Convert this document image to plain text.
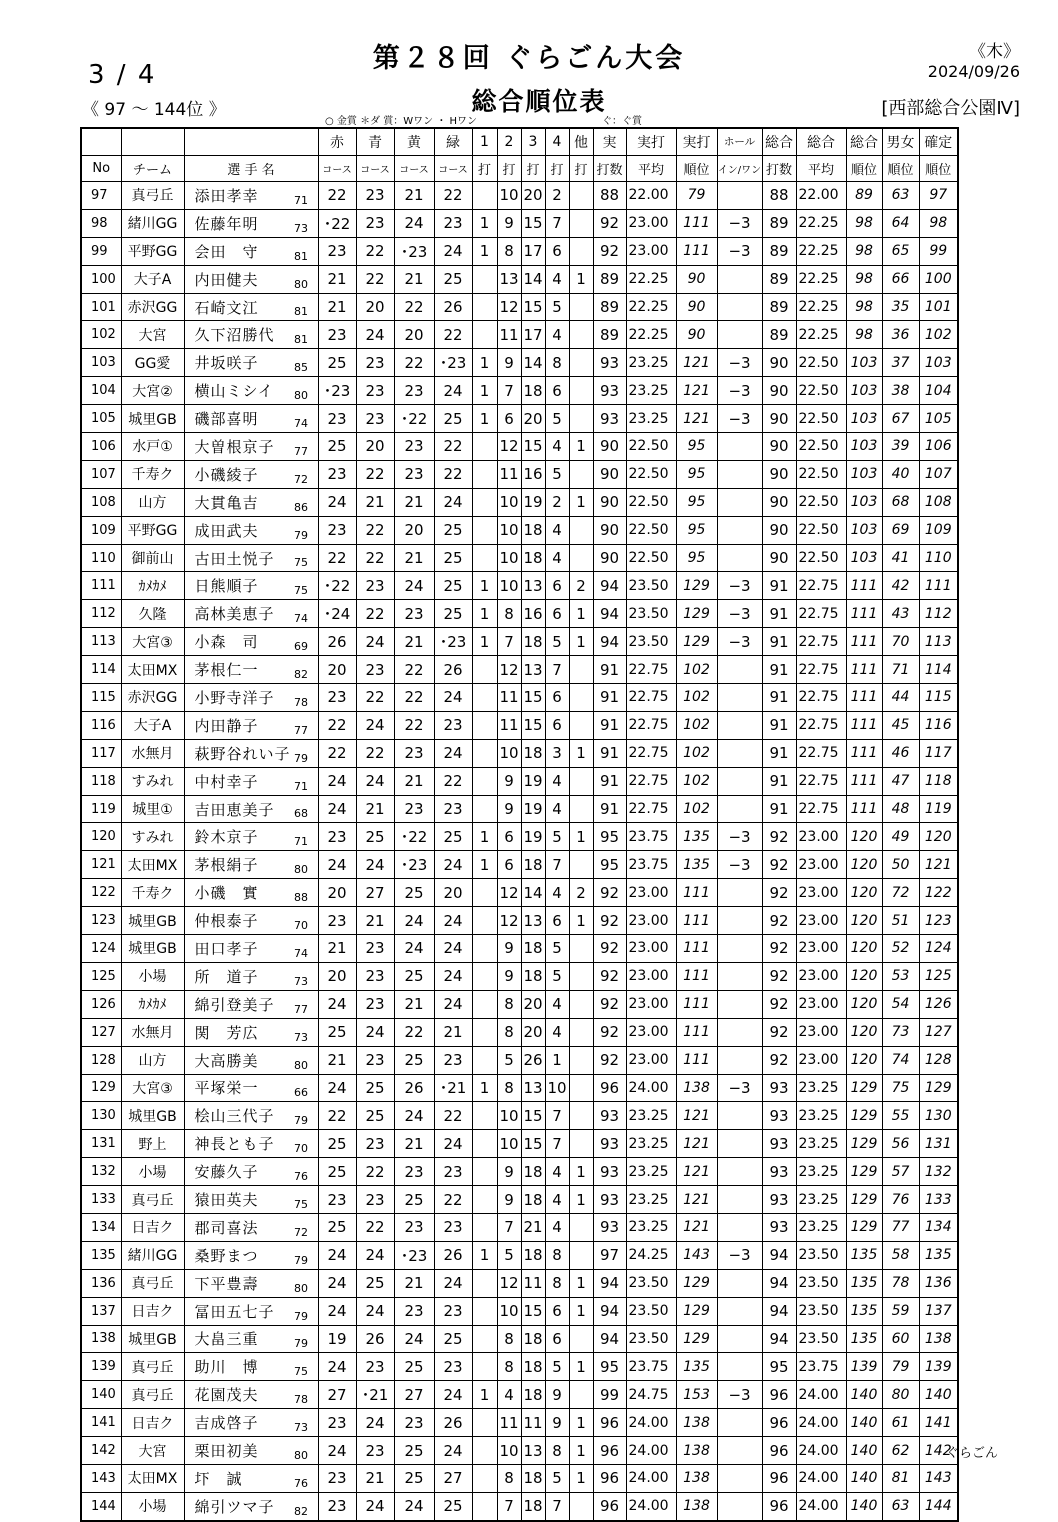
3 / 4
《 97 ～ 144位 》
第２８回 ぐらごん大会
総合順位表
《木》
2024/09/26
[西部総合公園Ⅳ]
○ 金賞 ＊ダ 賞：Wワン ・ Hワン	ぐ：ぐ賞
				赤	青	黄	緑	1	2	3	4	他	実	実打	実打	ホール	総合	総合	総合	男女	確定
No	チーム	選 手 名		コース	コース	コース	コース	打	打	打	打	打	打数	平均	順位	イン/ワン	打数	平均	順位	順位	順位
97	真弓丘	添田孝幸	71	22	23	21	22		10	20	2		88	22.00	79		88	22.00	89	63	97
98	緒川GG	佐藤年明	73	･22	23	24	23	1	9	15	7		92	23.00	111	−3	89	22.25	98	64	98
99	平野GG	会田　守	81	23	22	･23	24	1	8	17	6		92	23.00	111	−3	89	22.25	98	65	99
100	大子A	内田健夫	80	21	22	21	25		13	14	4	1	89	22.25	90		89	22.25	98	66	100
101	赤沢GG	石崎文江	81	21	20	22	26		12	15	5		89	22.25	90		89	22.25	98	35	101
102	大宮	久下沼勝代	81	23	24	20	22		11	17	4		89	22.25	90		89	22.25	98	36	102
103	GG愛	井坂咲子	85	25	23	22	･23	1	9	14	8		93	23.25	121	−3	90	22.50	103	37	103
104	大宮②	横山ミシイ	80	･23	23	23	24	1	7	18	6		93	23.25	121	−3	90	22.50	103	38	104
105	城里GB	磯部喜明	74	23	23	･22	25	1	6	20	5		93	23.25	121	−3	90	22.50	103	67	105
106	水戸①	大曽根京子	77	25	20	23	22		12	15	4	1	90	22.50	95		90	22.50	103	39	106
107	千寿ク	小磯綾子	72	23	22	23	22		11	16	5		90	22.50	95		90	22.50	103	40	107
108	山方	大貫亀吉	86	24	21	21	24		10	19	2	1	90	22.50	95		90	22.50	103	68	108
109	平野GG	成田武夫	79	23	22	20	25		10	18	4		90	22.50	95		90	22.50	103	69	109
110	御前山	古田土悦子	75	22	22	21	25		10	18	4		90	22.50	95		90	22.50	103	41	110
111	ｶﾒｶﾒ	日熊順子	75	･22	23	24	25	1	10	13	6	2	94	23.50	129	−3	91	22.75	111	42	111
112	久隆	高林美恵子	74	･24	22	23	25	1	8	16	6	1	94	23.50	129	−3	91	22.75	111	43	112
113	大宮③	小森　司	69	26	24	21	･23	1	7	18	5	1	94	23.50	129	−3	91	22.75	111	70	113
114	太田MX	茅根仁一	82	20	23	22	26		12	13	7		91	22.75	102		91	22.75	111	71	114
115	赤沢GG	小野寺洋子	78	23	22	22	24		11	15	6		91	22.75	102		91	22.75	111	44	115
116	大子A	内田静子	77	22	24	22	23		11	15	6		91	22.75	102		91	22.75	111	45	116
117	水無月	萩野谷れい子	79	22	22	23	24		10	18	3	1	91	22.75	102		91	22.75	111	46	117
118	すみれ	中村幸子	71	24	24	21	22		9	19	4		91	22.75	102		91	22.75	111	47	118
119	城里①	吉田恵美子	68	24	21	23	23		9	19	4		91	22.75	102		91	22.75	111	48	119
120	すみれ	鈴木京子	71	23	25	･22	25	1	6	19	5	1	95	23.75	135	−3	92	23.00	120	49	120
121	太田MX	茅根絹子	80	24	24	･23	24	1	6	18	7		95	23.75	135	−3	92	23.00	120	50	121
122	千寿ク	小磯　實	88	20	27	25	20		12	14	4	2	92	23.00	111		92	23.00	120	72	122
123	城里GB	仲根泰子	70	23	21	24	24		12	13	6	1	92	23.00	111		92	23.00	120	51	123
124	城里GB	田口孝子	74	21	23	24	24		9	18	5		92	23.00	111		92	23.00	120	52	124
125	小場	所　道子	73	20	23	25	24		9	18	5		92	23.00	111		92	23.00	120	53	125
126	ｶﾒｶﾒ	綿引登美子	77	24	23	21	24		8	20	4		92	23.00	111		92	23.00	120	54	126
127	水無月	関　芳広	73	25	24	22	21		8	20	4		92	23.00	111		92	23.00	120	73	127
128	山方	大高勝美	80	21	23	25	23		5	26	1		92	23.00	111		92	23.00	120	74	128
129	大宮③	平塚栄一	66	24	25	26	･21	1	8	13	10		96	24.00	138	−3	93	23.25	129	75	129
130	城里GB	桧山三代子	79	22	25	24	22		10	15	7		93	23.25	121		93	23.25	129	55	130
131	野上	神長とも子	70	25	23	21	24		10	15	7		93	23.25	121		93	23.25	129	56	131
132	小場	安藤久子	76	25	22	23	23		9	18	4	1	93	23.25	121		93	23.25	129	57	132
133	真弓丘	猿田英夫	75	23	23	25	22		9	18	4	1	93	23.25	121		93	23.25	129	76	133
134	日吉ク	郡司喜法	72	25	22	23	23		7	21	4		93	23.25	121		93	23.25	129	77	134
135	緒川GG	桑野まつ	79	24	24	･23	26	1	5	18	8		97	24.25	143	−3	94	23.50	135	58	135
136	真弓丘	下平豊壽	80	24	25	21	24		12	11	8	1	94	23.50	129		94	23.50	135	78	136
137	日吉ク	冨田五七子	79	24	24	23	23		10	15	6	1	94	23.50	129		94	23.50	135	59	137
138	城里GB	大畠三重	79	19	26	24	25		8	18	6		94	23.50	129		94	23.50	135	60	138
139	真弓丘	助川　博	75	24	23	25	23		8	18	5	1	95	23.75	135		95	23.75	139	79	139
140	真弓丘	花園茂夫	78	27	･21	27	24	1	4	18	9		99	24.75	153	−3	96	24.00	140	80	140
141	日吉ク	吉成啓子	73	23	24	23	26		11	11	9	1	96	24.00	138		96	24.00	140	61	141
142	大宮	栗田初美	80	24	23	25	24		10	13	8	1	96	24.00	138		96	24.00	140	62	142
143	太田MX	圷　誠	76	23	21	25	27		8	18	5	1	96	24.00	138		96	24.00	140	81	143
144	小場	綿引ツマ子	82	23	24	24	25		7	18	7		96	24.00	138		96	24.00	140	63	144
ぐらごん
